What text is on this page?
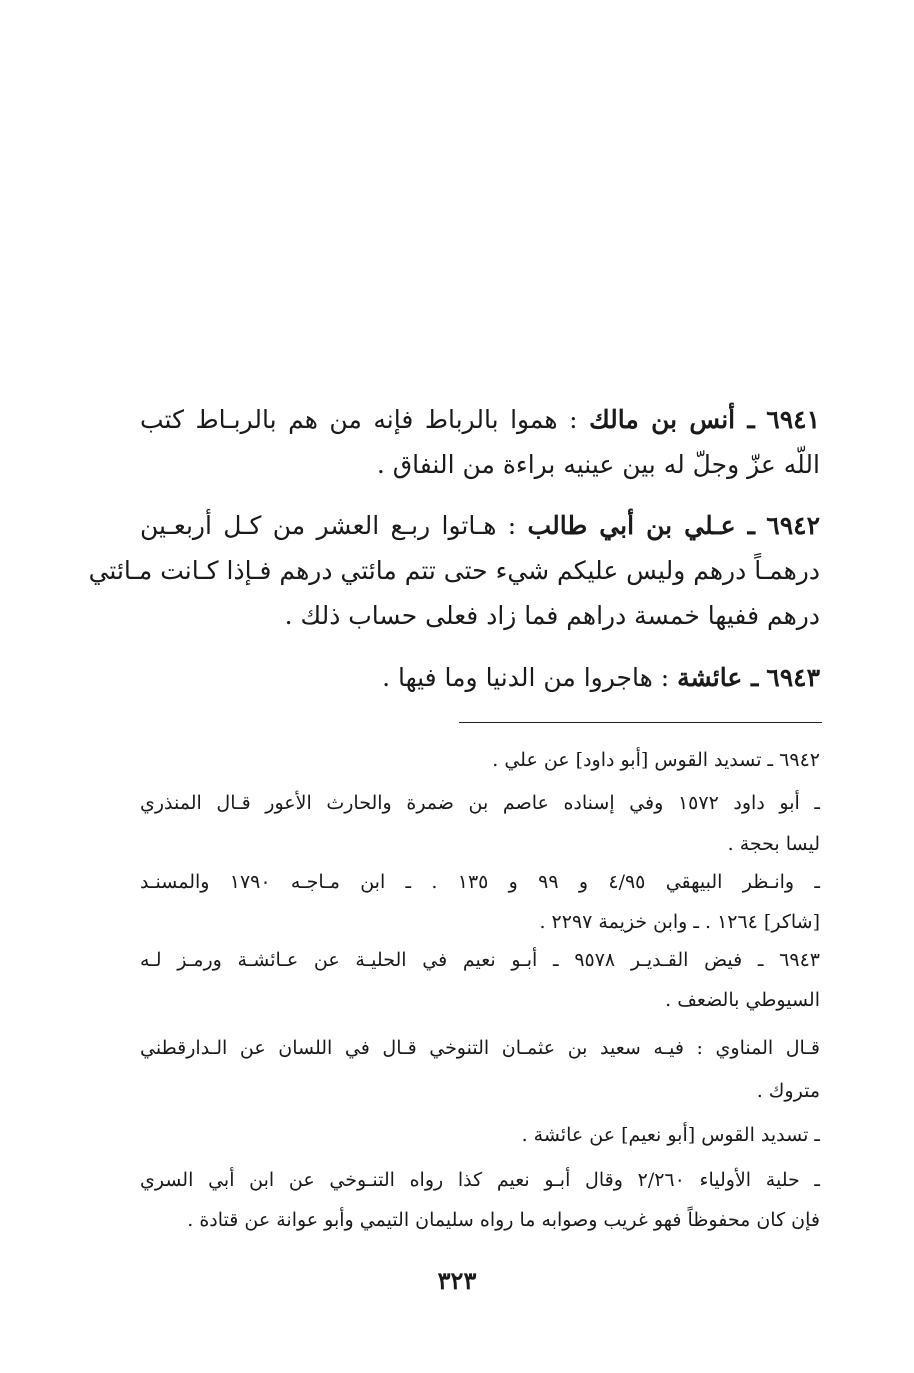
٦٩٤١ ـ أنس بن مالك : هموا بالرباط فإنه من هم بالربـاط كتب
اللّه عزّ وجلّ له بين عينيه براءة من النفاق .
٦٩٤٢ ـ عـلي بن أبي طالب : هـاتوا ربـع العشر من كـل أربعـين
درهمـاً درهم وليس عليكم شيء حتى تتم مائتي درهم فـإذا كـانت مـائتي
درهم ففيها خمسة دراهم فما زاد فعلى حساب ذلك .
٦٩٤٣ ـ عائشة : هاجروا من الدنيا وما فيها .
٦٩٤٢ ـ تسديد القوس [أبو داود] عن علي .
ـ أبو داود ١٥٧٢ وفي إسناده عاصم بن ضمرة والحارث الأعور قـال المنذري
ليسا بحجة .
ـ وانـظر البيهقي ٤/٩٥ و ٩٩ و ١٣٥ . ـ ابن مـاجـه ١٧٩٠ والمسنـد
[شاكر] ١٢٦٤ . ـ وابن خزيمة ٢٢٩٧ .
٦٩٤٣ ـ فيض القـديـر ٩٥٧٨ ـ أبـو نعيم في الحليـة عن عـائشـة ورمـز لـه
السيوطي بالضعف .
قـال المناوي : فيـه سعيد بن عثمـان التنوخي قـال في اللسان عن الـدارقطني
متروك .
ـ تسديد القوس [أبو نعيم] عن عائشة .
ـ حلية الأولياء ٢/٢٦٠ وقال أبـو نعيم كذا رواه التنـوخي عن ابن أبي السري
فإن كان محفوظاً فهو غريب وصوابه ما رواه سليمان التيمي وأبو عوانة عن قتادة .
٣٢٣
